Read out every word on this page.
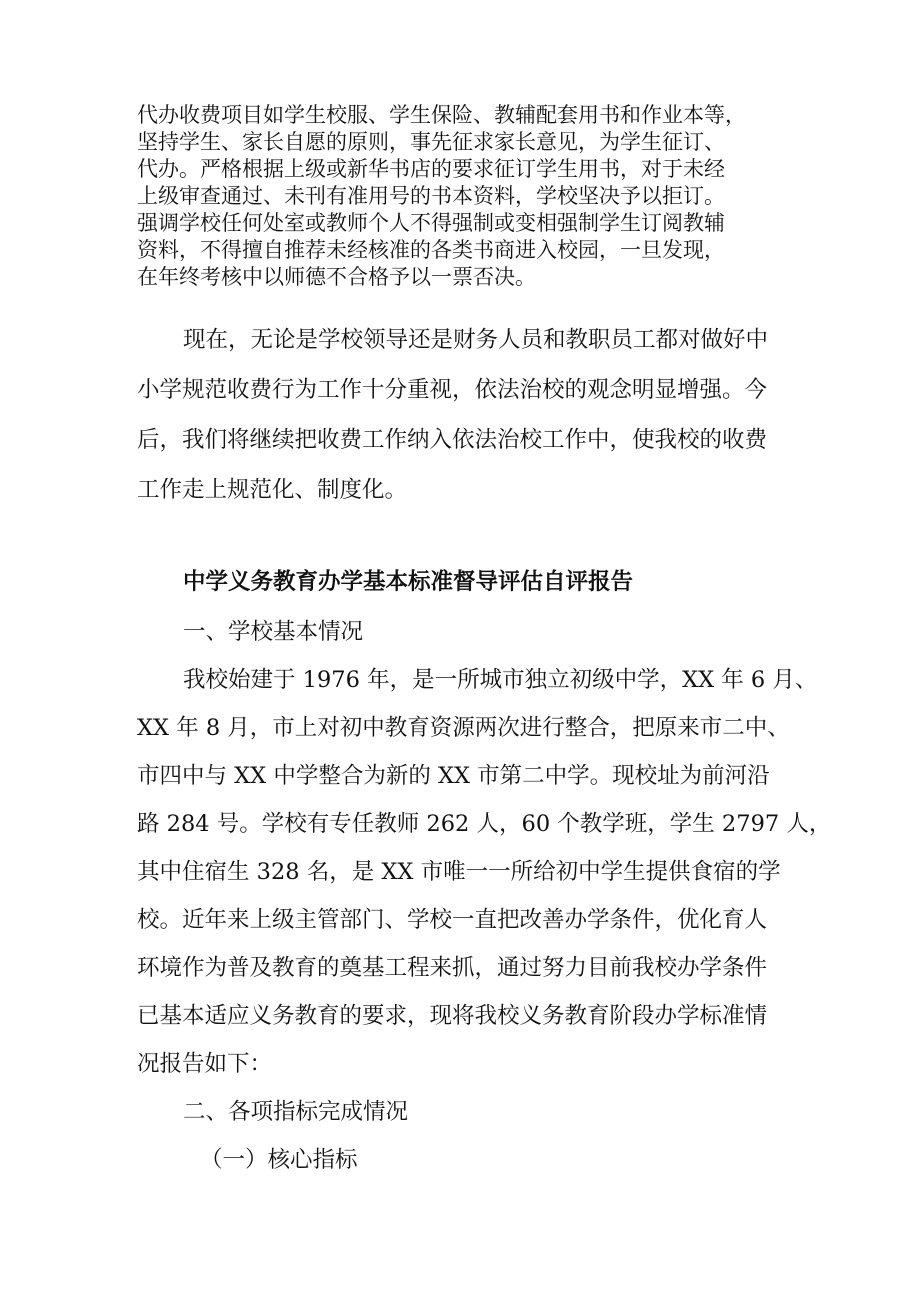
代办收费项目如学生校服、学生保险、教辅配套用书和作业本等，
坚持学生、家长自愿的原则，事先征求家长意见，为学生征订、
代办。严格根据上级或新华书店的要求征订学生用书，对于未经
上级审查通过、未刊有准用号的书本资料，学校坚决予以拒订。
强调学校任何处室或教师个人不得强制或变相强制学生订阅教辅
资料，不得擅自推荐未经核准的各类书商进入校园，一旦发现，
在年终考核中以师德不合格予以一票否决。
现在，无论是学校领导还是财务人员和教职员工都对做好中
小学规范收费行为工作十分重视，依法治校的观念明显增强。今
后，我们将继续把收费工作纳入依法治校工作中，使我校的收费
工作走上规范化、制度化。
中学义务教育办学基本标准督导评估自评报告
一、学校基本情况
我校始建于 1976 年，是一所城市独立初级中学，XX 年 6 月、
XX 年 8 月，市上对初中教育资源两次进行整合，把原来市二中、
市四中与 XX 中学整合为新的 XX 市第二中学。现校址为前河沿
路 284 号。学校有专任教师 262 人，60 个教学班，学生 2797 人，
其中住宿生 328 名，是 XX 市唯一一所给初中学生提供食宿的学
校。近年来上级主管部门、学校一直把改善办学条件，优化育人
环境作为普及教育的奠基工程来抓，通过努力目前我校办学条件
已基本适应义务教育的要求，现将我校义务教育阶段办学标准情
况报告如下：
二、各项指标完成情况
（一）核心指标
